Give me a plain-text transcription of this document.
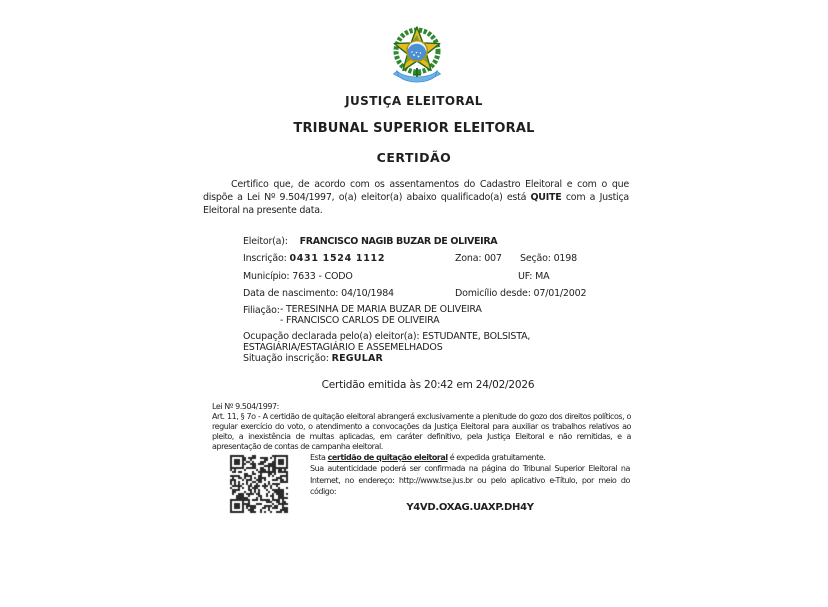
JUSTIÇA ELEITORAL
TRIBUNAL SUPERIOR ELEITORAL
CERTIDÃO

Certifico que, de acordo com os assentamentos do Cadastro Eleitoral e com o que dispõe a Lei Nº 9.504/1997, o(a) eleitor(a) abaixo qualificado(a) está QUITE com a Justiça Eleitoral na presente data.

Eleitor(a): FRANCISCO NAGIB BUZAR DE OLIVEIRA
Inscrição: 0431 1524 1112	Zona: 007 Seção: 0198
Município: 7633 - CODO	UF: MA
Data de nascimento: 04/10/1984	Domicílio desde: 07/01/2002
Filiação: - TERESINHA DE MARIA BUZAR DE OLIVEIRA
- FRANCISCO CARLOS DE OLIVEIRA
Ocupação declarada pelo(a) eleitor(a): ESTUDANTE, BOLSISTA,
ESTAGIÁRIA/ESTAGIÁRIO E ASSEMELHADOS
Situação inscrição: REGULAR
Certidão emitida às 20:42 em 24/02/2026
Lei Nº 9.504/1997:

Art. 11, § 7o - A certidão de quitação eleitoral abrangerá exclusivamente a plenitude do gozo dos direitos políticos, o regular exercício do voto, o atendimento a convocações da Justiça Eleitoral para auxiliar os trabalhos relativos ao pleito, a inexistência de multas aplicadas, em caráter definitivo, pela Justiça Eleitoral e não remitidas, e a apresentação de contas de campanha eleitoral.

Esta certidão de quitação eleitoral é expedida gratuitamente.

Sua autenticidade poderá ser confirmada na página do Tribunal Superior Eleitoral na Internet, no endereço: http://www.tse.jus.br ou pelo aplicativo e-Título, por meio do código:

Y4VD.OXAG.UAXP.DH4Y
